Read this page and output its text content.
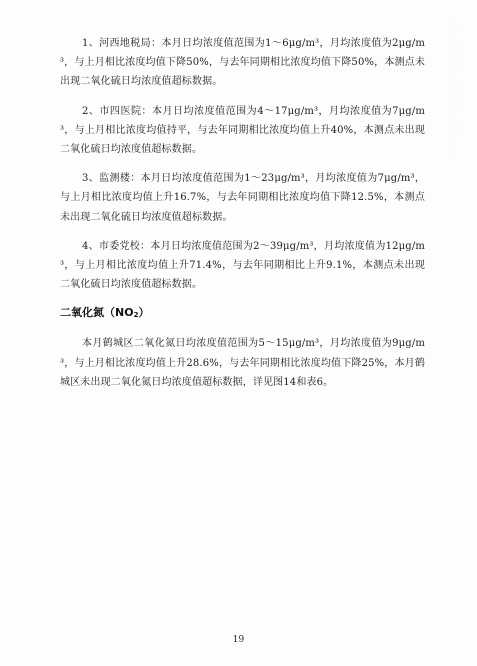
1、河西地税局：本月日均浓度值范围为1～6μg/m³，月均浓度值为2μg/m³，与上月相比浓度均值下降50%，与去年同期相比浓度均值下降50%，本测点未出现二氧化硫日均浓度值超标数据。

2、市四医院：本月日均浓度值范围为4～17μg/m³，月均浓度值为7μg/m³，与上月相比浓度均值持平，与去年同期相比浓度均值上升40%，本测点未出现二氧化硫日均浓度值超标数据。

3、监测楼：本月日均浓度值范围为1～23μg/m³，月均浓度值为7μg/m³，与上月相比浓度均值上升16.7%，与去年同期相比浓度均值下降12.5%，本测点未出现二氧化硫日均浓度值超标数据。

4、市委党校：本月日均浓度值范围为2～39μg/m³，月均浓度值为12μg/m³，与上月相比浓度均值上升71.4%，与去年同期相比上升9.1%，本测点未出现二氧化硫日均浓度值超标数据。

二氧化氮$(NO_2)$

本月鹤城区二氧化氮日均浓度值范围为5～15μg/m³，月均浓度值为9μg/m³，与上月相比浓度均值上升28.6%，与去年同期相比浓度均值下降25%，本月鹤城区未出现二氧化氮日均浓度值超标数据，详见图14和表6。

19
